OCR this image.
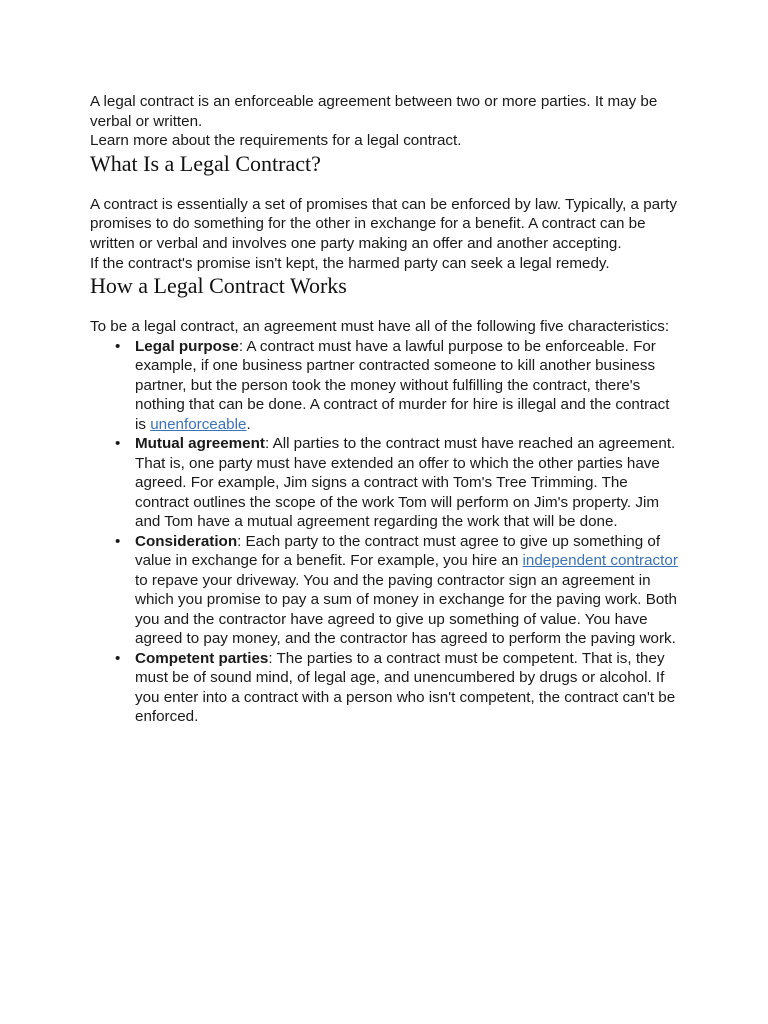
A legal contract is an enforceable agreement between two or more parties. It may be verbal or written.

Learn more about the requirements for a legal contract.

What Is a Legal Contract?

A contract is essentially a set of promises that can be enforced by law. Typically, a party promises to do something for the other in exchange for a benefit. A contract can be written or verbal and involves one party making an offer and another accepting.

If the contract's promise isn't kept, the harmed party can seek a legal remedy.

How a Legal Contract Works

To be a legal contract, an agreement must have all of the following five characteristics:

• Legal purpose: A contract must have a lawful purpose to be enforceable. For example, if one business partner contracted someone to kill another business partner, but the person took the money without fulfilling the contract, there's nothing that can be done. A contract of murder for hire is illegal and the contract is unenforceable.
• Mutual agreement: All parties to the contract must have reached an agreement. That is, one party must have extended an offer to which the other parties have agreed. For example, Jim signs a contract with Tom's Tree Trimming. The contract outlines the scope of the work Tom will perform on Jim's property. Jim and Tom have a mutual agreement regarding the work that will be done.
• Consideration: Each party to the contract must agree to give up something of value in exchange for a benefit. For example, you hire an independent contractor to repave your driveway. You and the paving contractor sign an agreement in which you promise to pay a sum of money in exchange for the paving work. Both you and the contractor have agreed to give up something of value. You have agreed to pay money, and the contractor has agreed to perform the paving work.
• Competent parties: The parties to a contract must be competent. That is, they must be of sound mind, of legal age, and unencumbered by drugs or alcohol. If you enter into a contract with a person who isn't competent, the contract can't be enforced.
